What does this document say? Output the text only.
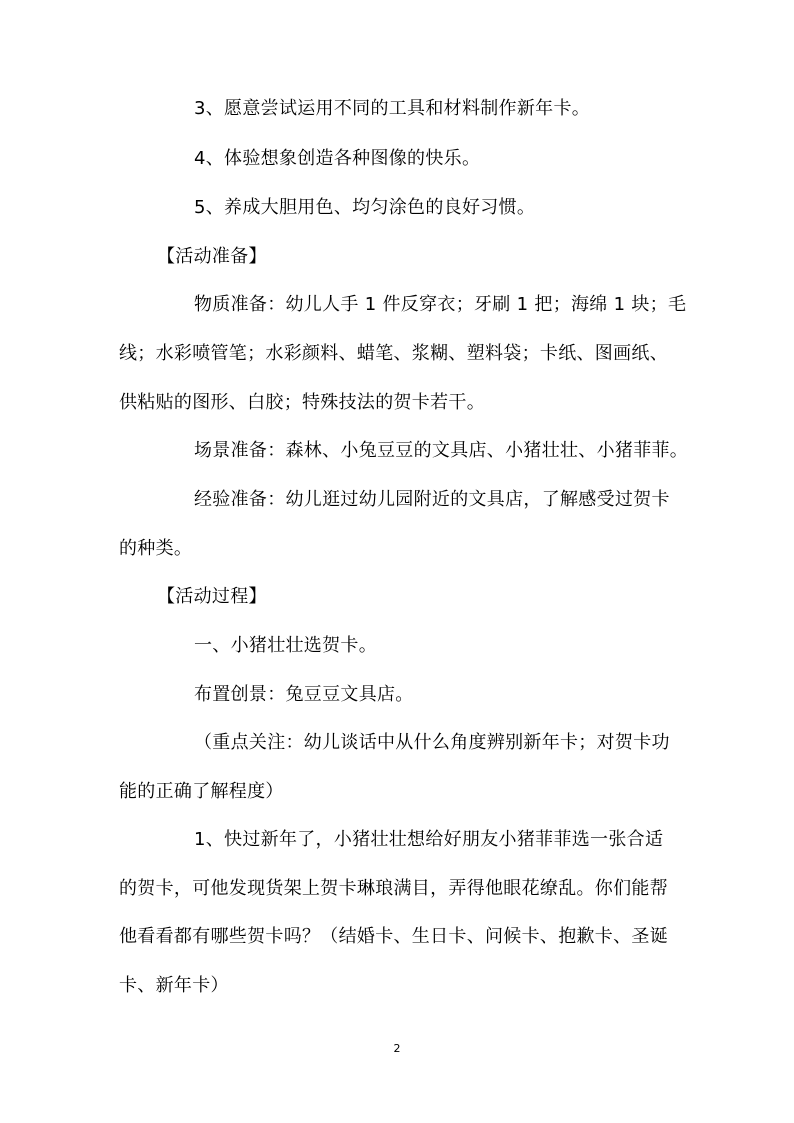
3、愿意尝试运用不同的工具和材料制作新年卡。
4、体验想象创造各种图像的快乐。
5、养成大胆用色、均匀涂色的良好习惯。
【活动准备】
物质准备：幼儿人手 1 件反穿衣；牙刷 1 把；海绵 1 块；毛
线；水彩喷管笔；水彩颜料、蜡笔、浆糊、塑料袋；卡纸、图画纸、
供粘贴的图形、白胶；特殊技法的贺卡若干。
场景准备：森林、小兔豆豆的文具店、小猪壮壮、小猪菲菲。
经验准备：幼儿逛过幼儿园附近的文具店，了解感受过贺卡
的种类。
【活动过程】
一、小猪壮壮选贺卡。
布置创景：兔豆豆文具店。
（重点关注：幼儿谈话中从什么角度辨别新年卡；对贺卡功
能的正确了解程度）
1、快过新年了，小猪壮壮想给好朋友小猪菲菲选一张合适
的贺卡，可他发现货架上贺卡琳琅满目，弄得他眼花缭乱。你们能帮
他看看都有哪些贺卡吗？（结婚卡、生日卡、问候卡、抱歉卡、圣诞
卡、新年卡）
2
